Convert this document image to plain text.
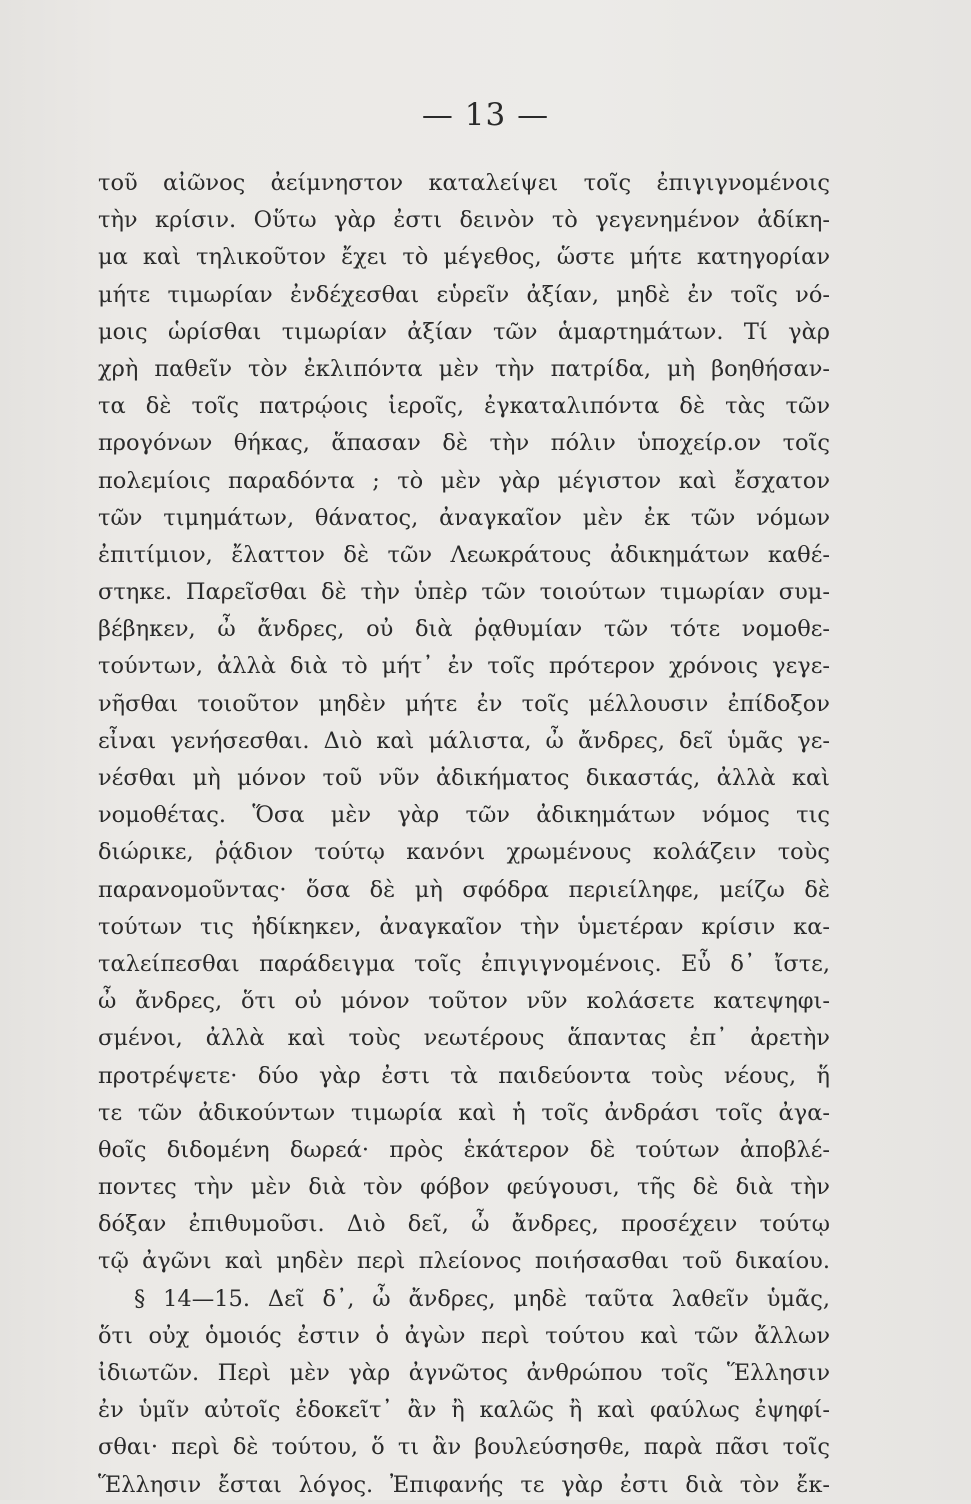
— 13 —
τοῦ αἰῶνος ἀείμνηστον καταλείψει τοῖς ἐπιγιγνομένοις
τὴν κρίσιν. Οὕτω γὰρ ἐστι δεινὸν τὸ γεγενημένον ἀδίκη-
μα καὶ τηλικοῦτον ἔχει τὸ μέγεθος, ὥστε μήτε κατηγορίαν
μήτε τιμωρίαν ἐνδέχεσθαι εὑρεῖν ἀξίαν, μηδὲ ἐν τοῖς νό-
μοις ὡρίσθαι τιμωρίαν ἀξίαν τῶν ἁμαρτημάτων. Τί γὰρ
χρὴ παθεῖν τὸν ἐκλιπόντα μὲν τὴν πατρίδα, μὴ βοηθήσαν-
τα δὲ τοῖς πατρῴοις ἱεροῖς, ἐγκαταλιπόντα δὲ τὰς τῶν
προγόνων θήκας, ἅπασαν δὲ τὴν πόλιν ὑποχείρ.ον τοῖς
πολεμίοις παραδόντα ; τὸ μὲν γὰρ μέγιστον καὶ ἔσχατον
τῶν τιμημάτων, θάνατος, ἀναγκαῖον μὲν ἐκ τῶν νόμων
ἐπιτίμιον, ἔλαττον δὲ τῶν Λεωκράτους ἀδικημάτων καθέ-
στηκε. Παρεῖσθαι δὲ τὴν ὑπὲρ τῶν τοιούτων τιμωρίαν συμ-
βέβηκεν, ὦ ἄνδρες, οὐ διὰ ῥᾳθυμίαν τῶν τότε νομοθε-
τούντων, ἀλλὰ διὰ τὸ μήτ᾽ ἐν τοῖς πρότερον χρόνοις γεγε-
νῆσθαι τοιοῦτον μηδὲν μήτε ἐν τοῖς μέλλουσιν ἐπίδοξον
εἶναι γενήσεσθαι. Διὸ καὶ μάλιστα, ὦ ἄνδρες, δεῖ ὑμᾶς γε-
νέσθαι μὴ μόνον τοῦ νῦν ἀδικήματος δικαστάς, ἀλλὰ καὶ
νομοθέτας. Ὅσα μὲν γὰρ τῶν ἀδικημάτων νόμος τις
διώρικε, ῥᾴδιον τούτῳ κανόνι χρωμένους κολάζειν τοὺς
παρανομοῦντας· ὅσα δὲ μὴ σφόδρα περιείληφε, μείζω δὲ
τούτων τις ἠδίκηκεν, ἀναγκαῖον τὴν ὑμετέραν κρίσιν κα-
ταλείπεσθαι παράδειγμα τοῖς ἐπιγιγνομένοις. Εὖ δ᾽ ἴστε,
ὦ ἄνδρες, ὅτι οὐ μόνον τοῦτον νῦν κολάσετε κατεψηφι-
σμένοι, ἀλλὰ καὶ τοὺς νεωτέρους ἅπαντας ἐπ᾽ ἀρετὴν
προτρέψετε· δύο γὰρ ἐστι τὰ παιδεύοντα τοὺς νέους, ἥ
τε τῶν ἀδικούντων τιμωρία καὶ ἡ τοῖς ἀνδράσι τοῖς ἀγα-
θοῖς διδομένη δωρεά· πρὸς ἑκάτερον δὲ τούτων ἀποβλέ-
ποντες τὴν μὲν διὰ τὸν φόβον φεύγουσι, τῆς δὲ διὰ τὴν
δόξαν ἐπιθυμοῦσι. Διὸ δεῖ, ὦ ἄνδρες, προσέχειν τούτῳ
τῷ ἀγῶνι καὶ μηδὲν περὶ πλείονος ποιήσασθαι τοῦ δικαίου.
§ 14—15. Δεῖ δ᾽, ὦ ἄνδρες, μηδὲ ταῦτα λαθεῖν ὑμᾶς,
ὅτι οὐχ ὁμοιός ἐστιν ὁ ἀγὼν περὶ τούτου καὶ τῶν ἄλλων
ἰδιωτῶν. Περὶ μὲν γὰρ ἀγνῶτος ἀνθρώπου τοῖς Ἕλλησιν
ἐν ὑμῖν αὐτοῖς ἐδοκεῖτ᾽ ἂν ἢ καλῶς ἢ καὶ φαύλως ἐψηφί-
σθαι· περὶ δὲ τούτου, ὅ τι ἂν βουλεύσησθε, παρὰ πᾶσι τοῖς
Ἕλλησιν ἔσται λόγος. Ἐπιφανής τε γὰρ ἐστι διὰ τὸν ἔκ-
